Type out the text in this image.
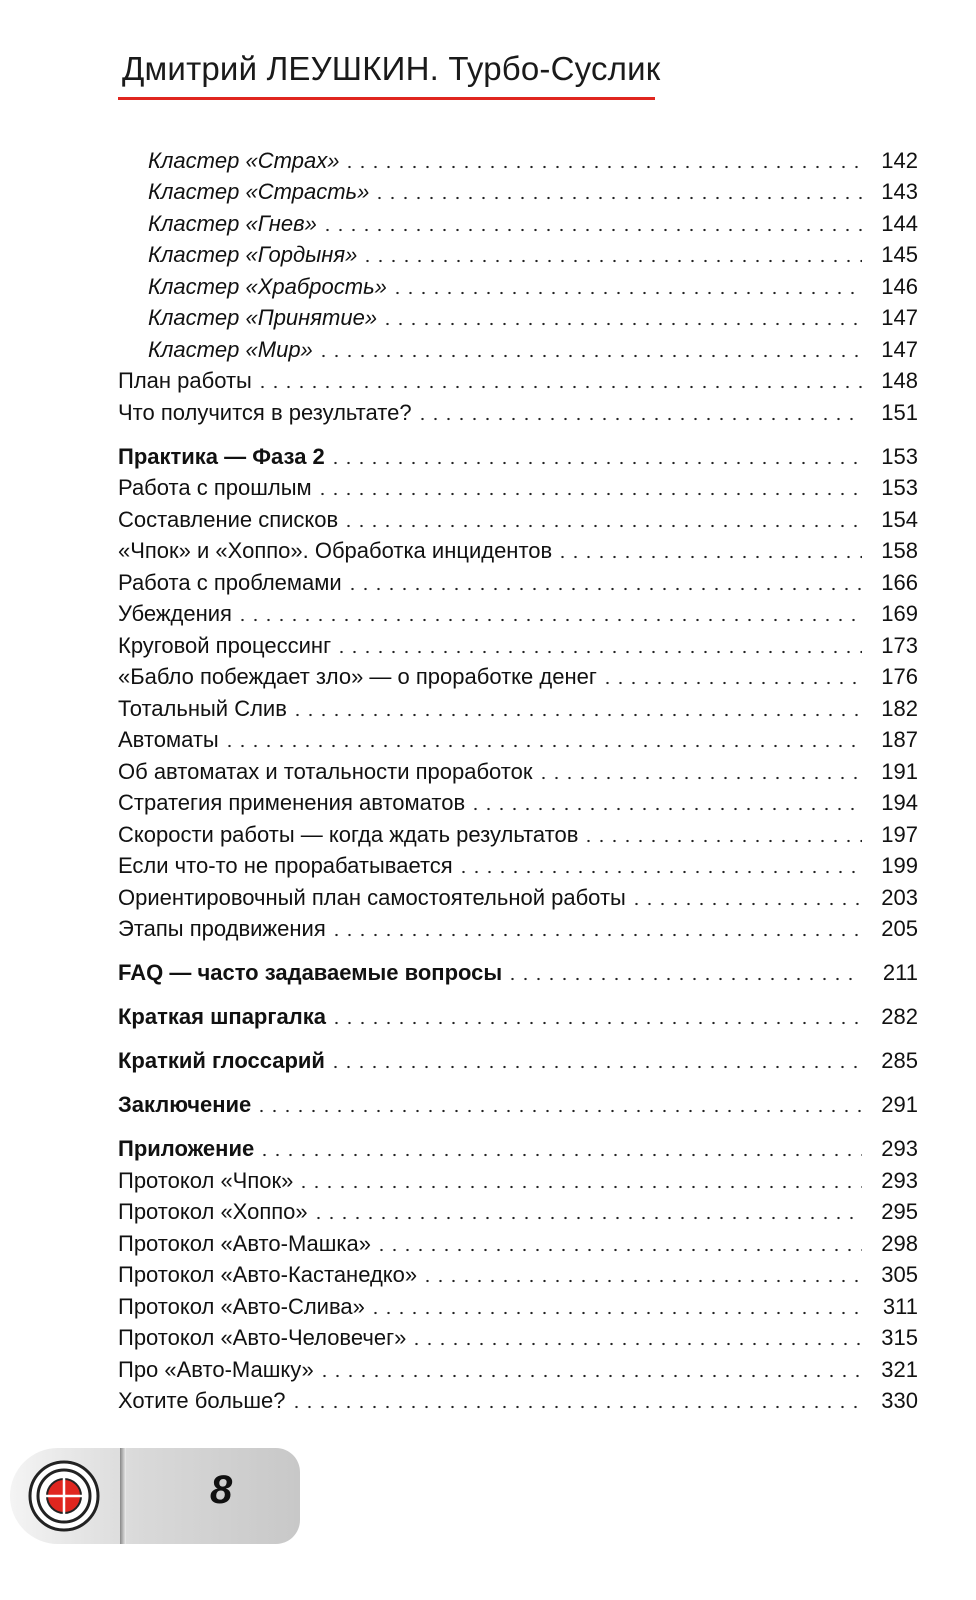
Дмитрий ЛЕУШКИН. Турбо-Суслик
Кластер «Страх»	142
Кластер «Страсть»	143
Кластер «Гнев»	144
Кластер «Гордыня»	145
Кластер «Храбрость»	146
Кластер «Принятие»	147
Кластер «Мир»	147
План работы	148
Что получится в результате?	151
Практика — Фаза 2	153
Работа с прошлым	153
Составление списков	154
«Чпок» и «Хоппо». Обработка инцидентов	158
Работа с проблемами	166
Убеждения	169
Круговой процессинг	173
«Бабло побеждает зло» — о проработке денег	176
Тотальный Слив	182
Автоматы	187
Об автоматах и тотальности проработок	191
Стратегия применения автоматов	194
Скорости работы — когда ждать результатов	197
Если что-то не прорабатывается	199
Ориентировочный план самостоятельной работы	203
Этапы продвижения	205
FAQ — часто задаваемые вопросы	211
Краткая шпаргалка	282
Краткий глоссарий	285
Заключение	291
Приложение	293
Протокол «Чпок»	293
Протокол «Хоппо»	295
Протокол «Авто-Машка»	298
Протокол «Авто-Кастанедко»	305
Протокол «Авто-Слива»	311
Протокол «Авто-Человечег»	315
Про «Авто-Машку»	321
Хотите больше?	330
8
